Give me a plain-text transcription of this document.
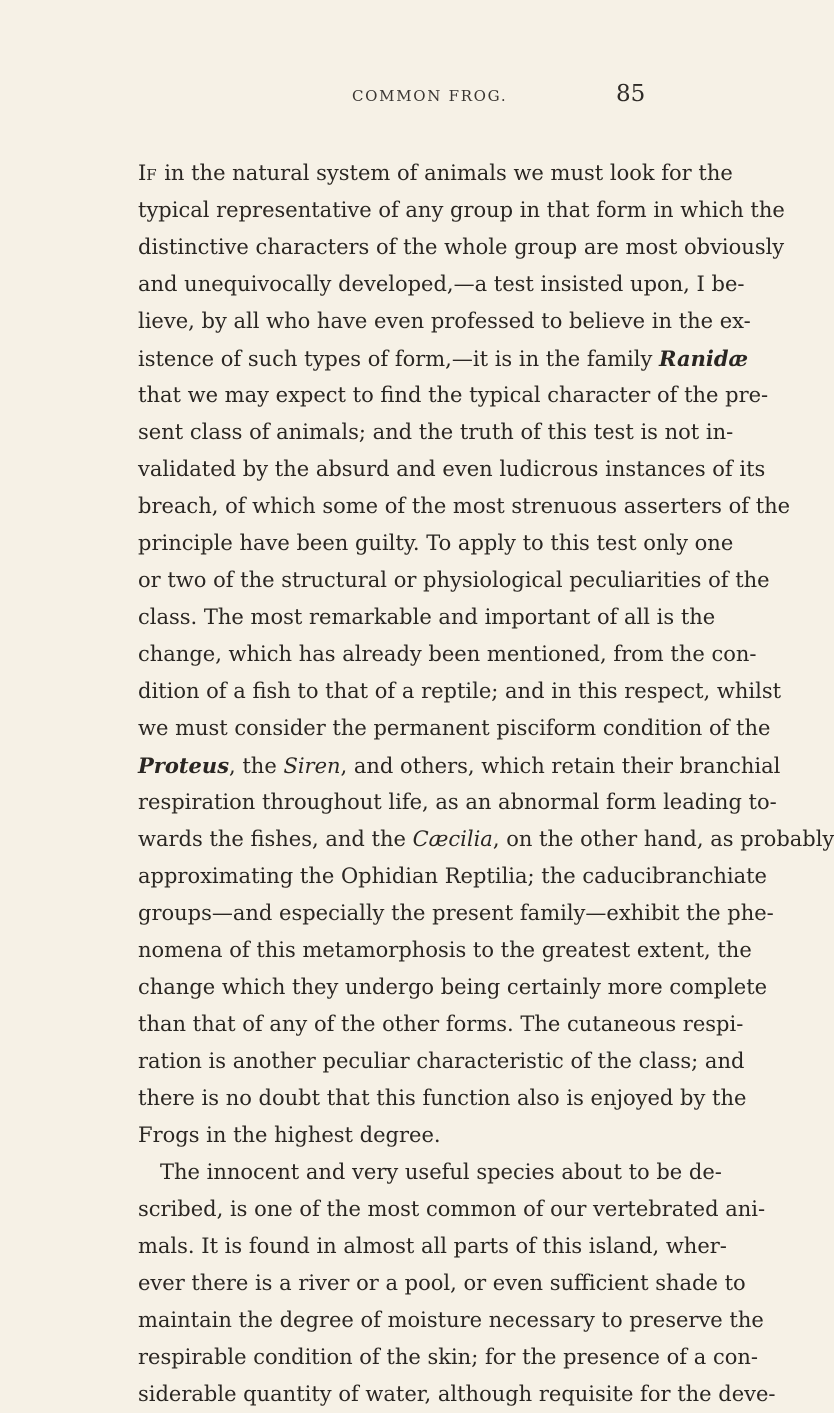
COMMON FROG.	85
IF in the natural system of animals we must look for the
typical representative of any group in that form in which the
distinctive characters of the whole group are most obviously
and unequivocally developed,—a test insisted upon, I be-
lieve, by all who have even professed to believe in the ex-
istence of such types of form,—it is in the family Ranidæ
that we may expect to find the typical character of the pre-
sent class of animals; and the truth of this test is not in-
validated by the absurd and even ludicrous instances of its
breach, of which some of the most strenuous asserters of the
principle have been guilty. To apply to this test only one
or two of the structural or physiological peculiarities of the
class. The most remarkable and important of all is the
change, which has already been mentioned, from the con-
dition of a fish to that of a reptile; and in this respect, whilst
we must consider the permanent pisciform condition of the
Proteus, the Siren, and others, which retain their branchial
respiration throughout life, as an abnormal form leading to-
wards the fishes, and the Cæcilia, on the other hand, as probably
approximating the Ophidian Reptilia; the caducibranchiate
groups—and especially the present family—exhibit the phe-
nomena of this metamorphosis to the greatest extent, the
change which they undergo being certainly more complete
than that of any of the other forms. The cutaneous respi-
ration is another peculiar characteristic of the class; and
there is no doubt that this function also is enjoyed by the
Frogs in the highest degree.
The innocent and very useful species about to be de-
scribed, is one of the most common of our vertebrated ani-
mals. It is found in almost all parts of this island, wher-
ever there is a river or a pool, or even sufficient shade to
maintain the degree of moisture necessary to preserve the
respirable condition of the skin; for the presence of a con-
siderable quantity of water, although requisite for the deve-
